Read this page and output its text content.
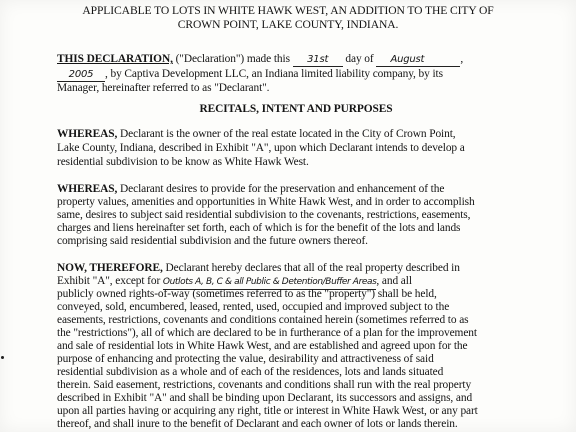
APPLICABLE TO LOTS IN WHITE HAWK WEST, AN ADDITION TO THE CITY OF
CROWN POINT, LAKE COUNTY, INDIANA.
THIS DECLARATION, ("Declaration") made this 31st day of August	,
2005 , by Captiva Development LLC, an Indiana limited liability company, by its
Manager, hereinafter referred to as "Declarant".
RECITALS, INTENT AND PURPOSES
WHEREAS, Declarant is the owner of the real estate located in the City of Crown Point,
Lake County, Indiana, described in Exhibit "A", upon which Declarant intends to develop a
residential subdivision to be know as White Hawk West.
WHEREAS, Declarant desires to provide for the preservation and enhancement of the
property values, amenities and opportunities in White Hawk West, and in order to accomplish
same, desires to subject said residential subdivision to the covenants, restrictions, easements,
charges and liens hereinafter set forth, each of which is for the benefit of the lots and lands
comprising said residential subdivision and the future owners thereof.
NOW, THEREFORE, Declarant hereby declares that all of the real property described in
Exhibit "A", except for Outlots A, B, C & all Public & Detention/Buffer Areas, and all
publicly owned rights-of-way (sometimes referred to as the "property") shall be held,
conveyed, sold, encumbered, leased, rented, used, occupied and improved subject to the
easements, restrictions, covenants and conditions contained herein (sometimes referred to as
the "restrictions"), all of which are declared to be in furtherance of a plan for the improvement
and sale of residential lots in White Hawk West, and are established and agreed upon for the
purpose of enhancing and protecting the value, desirability and attractiveness of said
residential subdivision as a whole and of each of the residences, lots and lands situated
therein. Said easement, restrictions, covenants and conditions shall run with the real property
described in Exhibit "A" and shall be binding upon Declarant, its successors and assigns, and
upon all parties having or acquiring any right, title or interest in White Hawk West, or any part
thereof, and shall inure to the benefit of Declarant and each owner of lots or lands therein.
